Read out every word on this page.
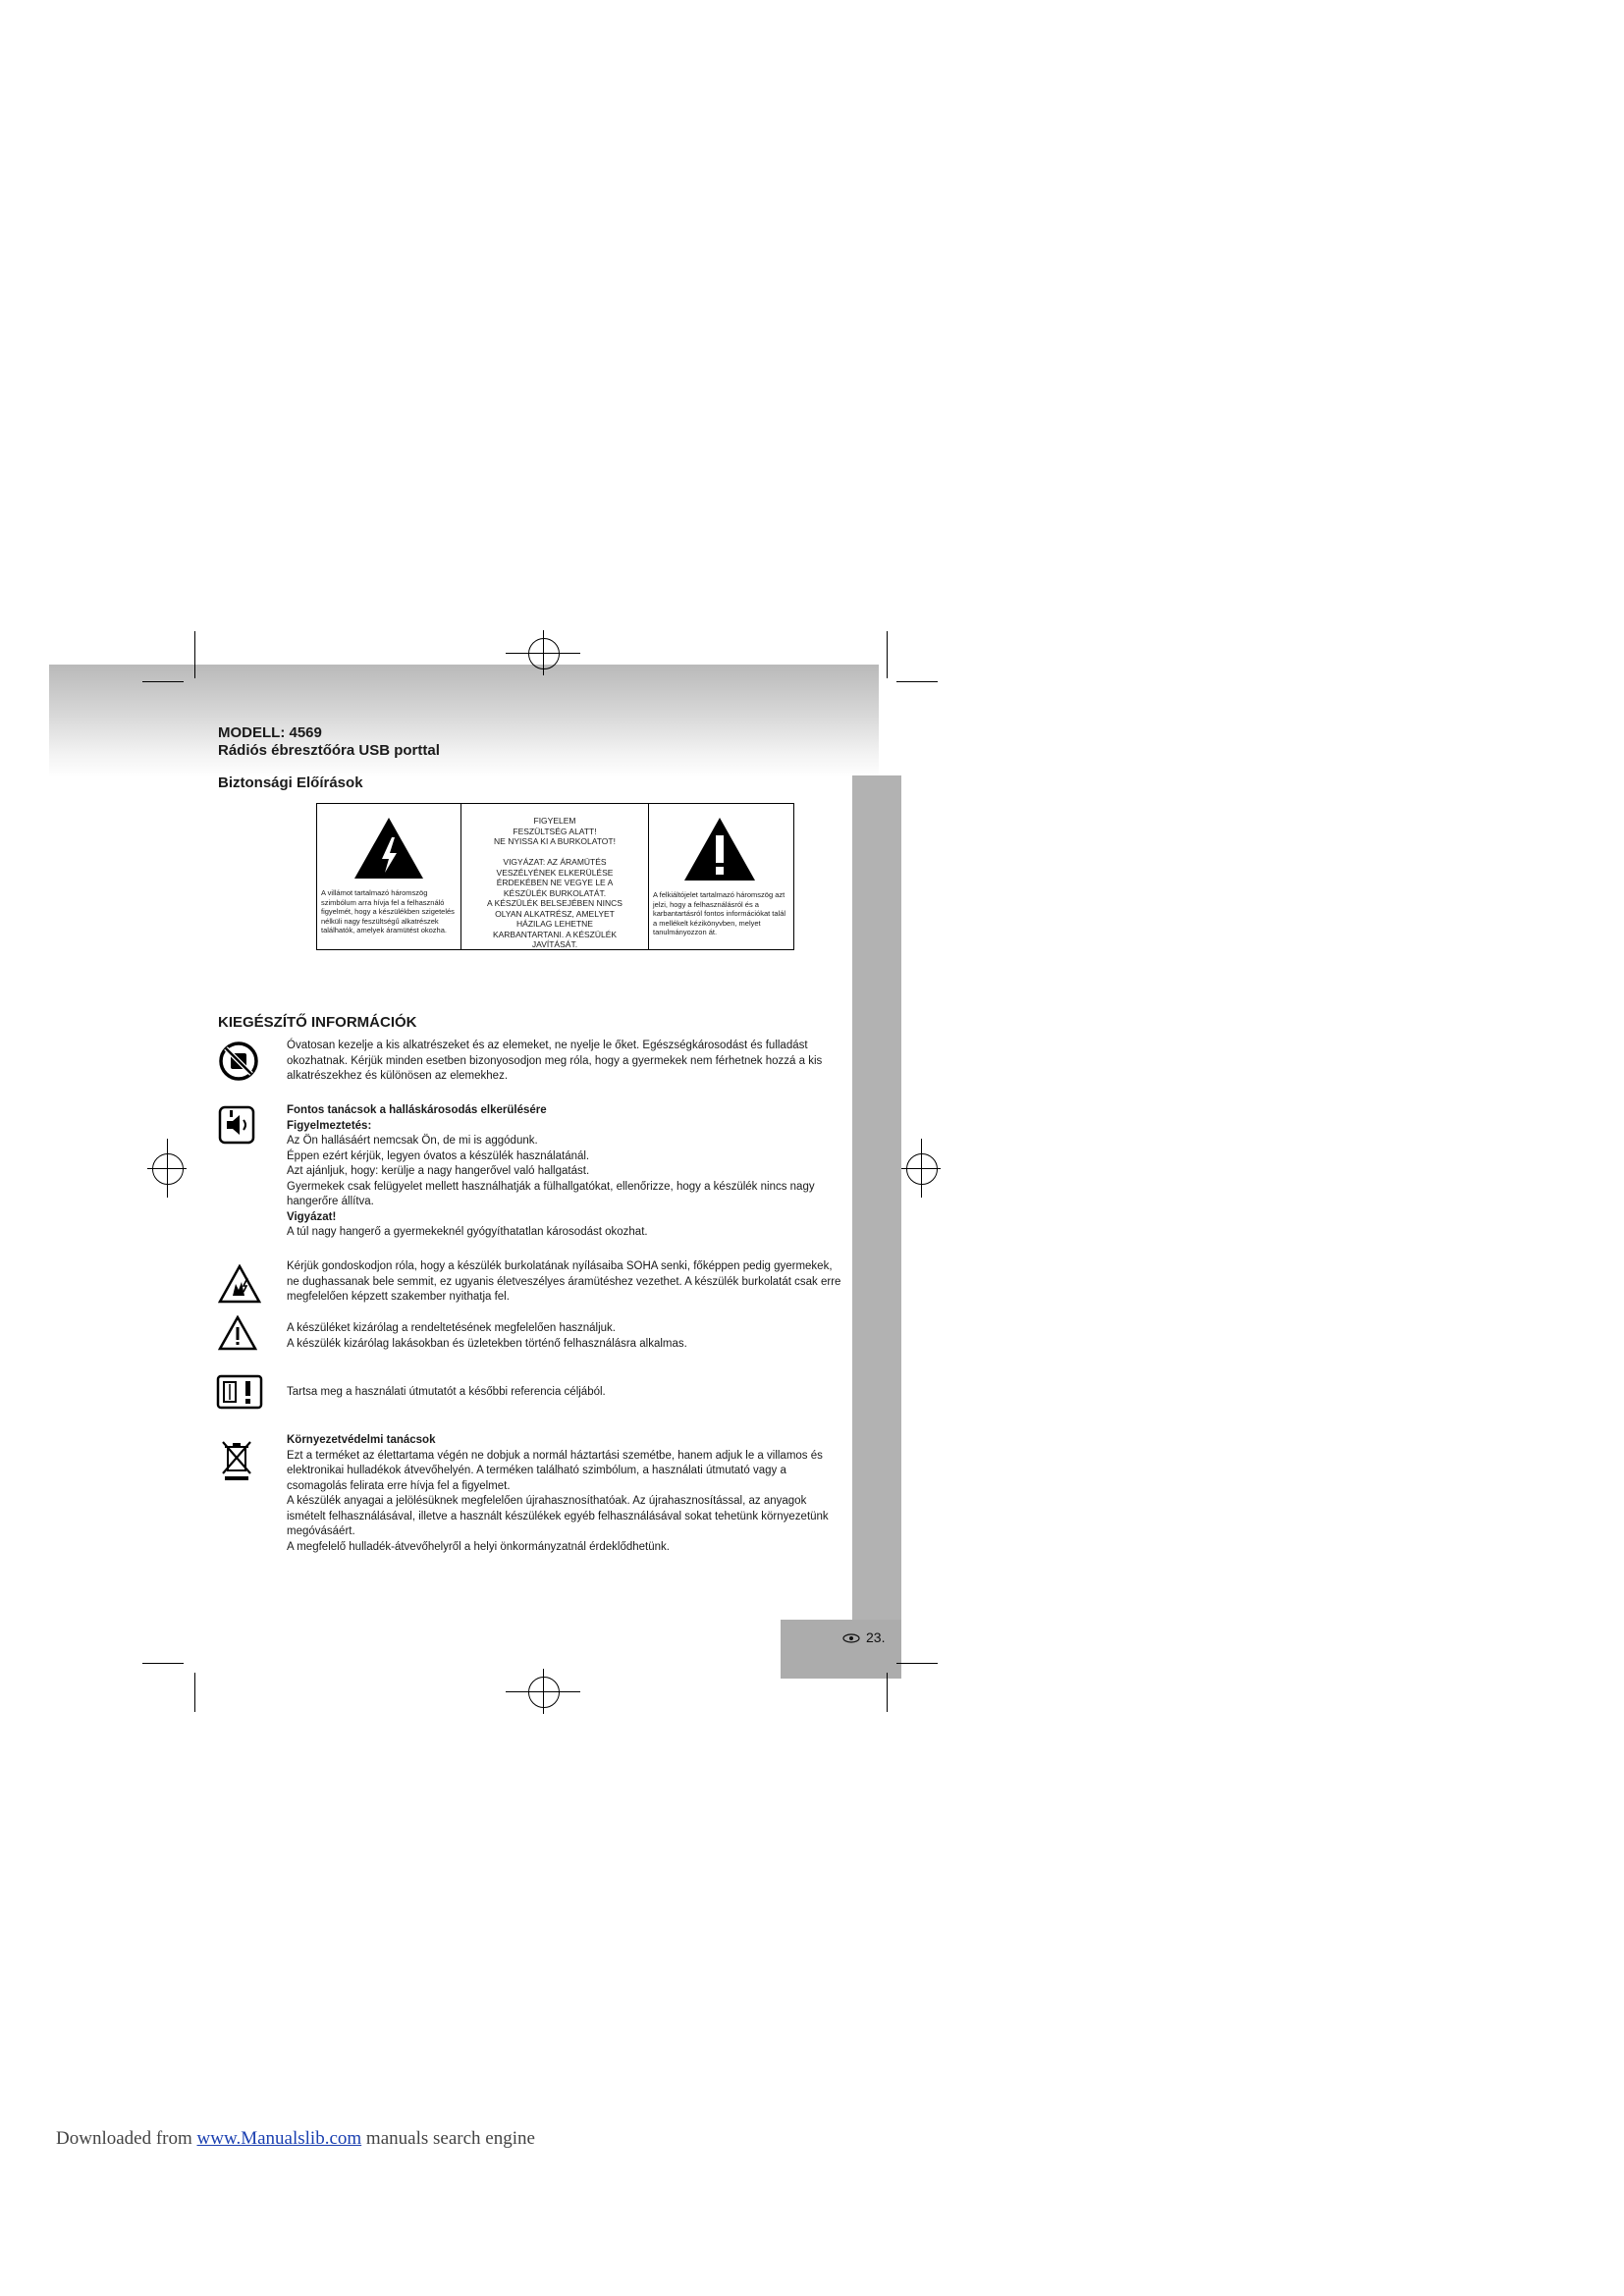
MODELL: 4569
Rádiós ébresztőóra USB porttal
Biztonsági Előírások
A villámot tartalmazó háromszög szimbólum arra hívja fel a felhasználó figyelmét, hogy a készülékben szigetelés nélküli nagy feszültségű alkatrészek találhatók, amelyek áramütést okozha.
FIGYELEM
FESZÜLTSÉG ALATT!
NE NYISSA KI A BURKOLATOT!

VIGYÁZAT: AZ ÁRAMÜTÉS
VESZÉLYÉNEK ELKERÜLÉSE
ÉRDEKÉBEN NE VEGYE LE A
KÉSZÜLÉK BURKOLATÁT.
A KÉSZÜLÉK BELSEJÉBEN NINCS
OLYAN ALKATRÉSZ, AMELYET
HÁZILAG LEHETNE
KARBANTARTANI. A KÉSZÜLÉK
JAVÍTÁSÁT.
A felkiáltójelet tartalmazó háromszög azt jelzi, hogy a felhasználásról és a karbantartásról fontos információkat talál a mellékelt kézikönyvben, melyet tanulmányozzon át.
KIEGÉSZÍTŐ INFORMÁCIÓK
Óvatosan kezelje a kis alkatrészeket és az elemeket, ne nyelje le őket. Egészségkárosodást és fulladást okozhatnak. Kérjük minden esetben bizonyosodjon meg róla, hogy a gyermekek nem férhetnek hozzá a kis alkatrészekhez és különösen az elemekhez.
Fontos tanácsok a halláskárosodás elkerülésére
Figyelmeztetés:
Az Ön hallásáért nemcsak Ön, de mi is aggódunk.
Éppen ezért kérjük, legyen óvatos a készülék használatánál.
Azt ajánljuk, hogy: kerülje a nagy hangerővel való hallgatást.
Gyermekek csak felügyelet mellett használhatják a fülhallgatókat, ellenőrizze, hogy a készülék nincs nagy hangerőre állítva.
Vigyázat!
A túl nagy hangerő a gyermekeknél gyógyíthatatlan károsodást okozhat.
Kérjük gondoskodjon róla, hogy a készülék burkolatának nyílásaiba SOHA senki, főképpen pedig gyermekek, ne dughassanak bele semmit, ez ugyanis életveszélyes áramütéshez vezethet. A készülék burkolatát csak erre megfelelően képzett szakember nyithatja fel.
A készüléket kizárólag a rendeltetésének megfelelően használjuk.
A készülék kizárólag lakásokban és üzletekben történő felhasználásra alkalmas.
Tartsa meg a használati útmutatót a későbbi referencia céljából.
Környezetvédelmi tanácsok
Ezt a terméket az élettartama végén ne dobjuk a normál háztartási szemétbe, hanem adjuk le a villamos és
elektronikai hulladékok átvevőhelyén. A terméken található szimbólum, a használati útmutató vagy a csomagolás felirata erre hívja fel a figyelmet.
A készülék anyagai a jelölésüknek megfelelően újrahasznosíthatóak. Az újrahasznosítással, az anyagok ismételt felhasználásával, illetve a használt készülékek egyéb felhasználásával sokat tehetünk környezetünk megóvásáért.
A megfelelő hulladék-átvevőhelyről a helyi önkormányzatnál érdeklődhetünk.
23.
Downloaded from www.Manualslib.com manuals search engine
